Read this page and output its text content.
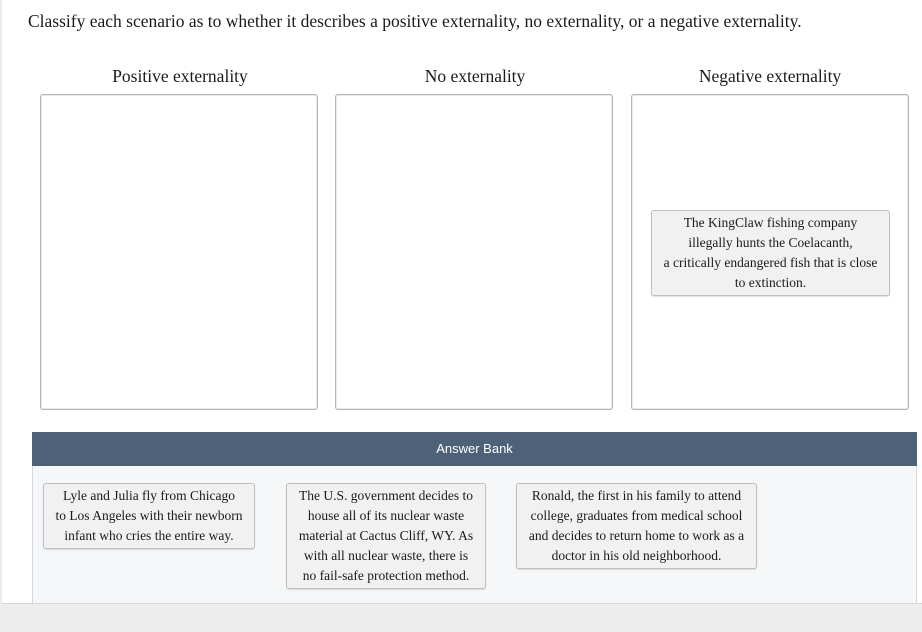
Classify each scenario as to whether it describes a positive externality, no externality, or a negative externality.
Positive externality	No externality	Negative externality
The KingClaw fishing company
illegally hunts the Coelacanth,
a critically endangered fish that is close
to extinction.
Answer Bank
Lyle and Julia fly from Chicago
to Los Angeles with their newborn
infant who cries the entire way.
The U.S. government decides to
house all of its nuclear waste
material at Cactus Cliff, WY. As
with all nuclear waste, there is
no fail-safe protection method.
Ronald, the first in his family to attend
college, graduates from medical school
and decides to return home to work as a
doctor in his old neighborhood.
